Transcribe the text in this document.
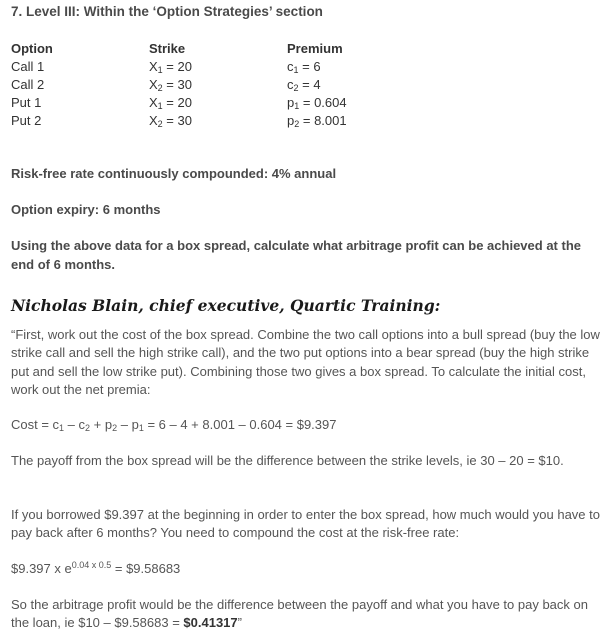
7. Level III: Within the ‘Option Strategies’ section
Option	Strike	Premium
Call 1	$X_1 = 20$	$c_1 = 6$
Call 2	$X_2 = 30$	$c_2 = 4$
Put 1	$X_1 = 20$	$p_1 = 0.604$
Put 2	$X_2 = 30$	$p_2 = 8.001$
Risk-free rate continuously compounded: 4% annual
Option expiry: 6 months
Using the above data for a box spread, calculate what arbitrage profit can be achieved at the end of 6 months.
Nicholas Blain, chief executive, Quartic Training:

“First, work out the cost of the box spread. Combine the two call options into a bull spread (buy the low strike call and sell the high strike call), and the two put options into a bear spread (buy the high strike put and sell the low strike put). Combining those two gives a box spread. To calculate the initial cost, work out the net premia:

Cost = $c_1 - c_2 + p_2 - p_1 = 6 - 4 + 8.001 - 0.604$ = $9.397

The payoff from the box spread will be the difference between the strike levels, ie 30 – 20 = $10.

If you borrowed $9.397 at the beginning in order to enter the box spread, how much would you have to pay back after 6 months? You need to compound the cost at the risk-free rate:

$9.397 x $e^{0.04 x 0.5}$ = $9.58683

So the arbitrage profit would be the difference between the payoff and what you have to pay back on the loan, ie $10 – $9.58683 = $0.41317”
